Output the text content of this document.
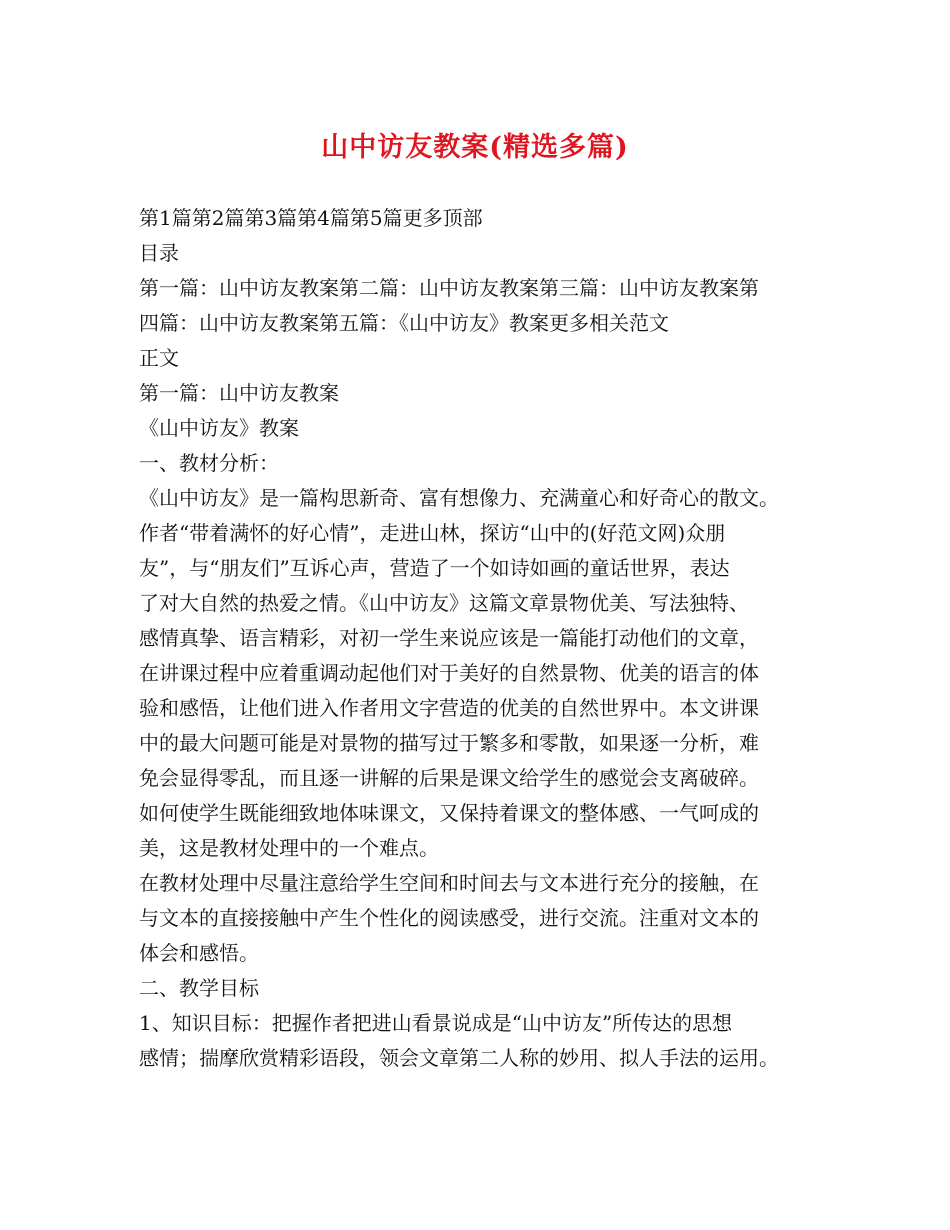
山中访友教案(精选多篇)
第1篇第2篇第3篇第4篇第5篇更多顶部
目录
第一篇：山中访友教案第二篇：山中访友教案第三篇：山中访友教案第
四篇：山中访友教案第五篇：《山中访友》教案更多相关范文
正文
第一篇：山中访友教案
《山中访友》教案
一、教材分析：
《山中访友》是一篇构思新奇、富有想像力、充满童心和好奇心的散文。
作者“带着满怀的好心情”，走进山林，探访“山中的(好范文网)众朋
友”，与“朋友们”互诉心声，营造了一个如诗如画的童话世界，表达
了对大自然的热爱之情。《山中访友》这篇文章景物优美、写法独特、
感情真挚、语言精彩，对初一学生来说应该是一篇能打动他们的文章，
在讲课过程中应着重调动起他们对于美好的自然景物、优美的语言的体
验和感悟，让他们进入作者用文字营造的优美的自然世界中。本文讲课
中的最大问题可能是对景物的描写过于繁多和零散，如果逐一分析，难
免会显得零乱，而且逐一讲解的后果是课文给学生的感觉会支离破碎。
如何使学生既能细致地体味课文，又保持着课文的整体感、一气呵成的
美，这是教材处理中的一个难点。
在教材处理中尽量注意给学生空间和时间去与文本进行充分的接触，在
与文本的直接接触中产生个性化的阅读感受，进行交流。注重对文本的
体会和感悟。
二、教学目标
1、知识目标：把握作者把进山看景说成是“山中访友”所传达的思想
感情；揣摩欣赏精彩语段，领会文章第二人称的妙用、拟人手法的运用。
